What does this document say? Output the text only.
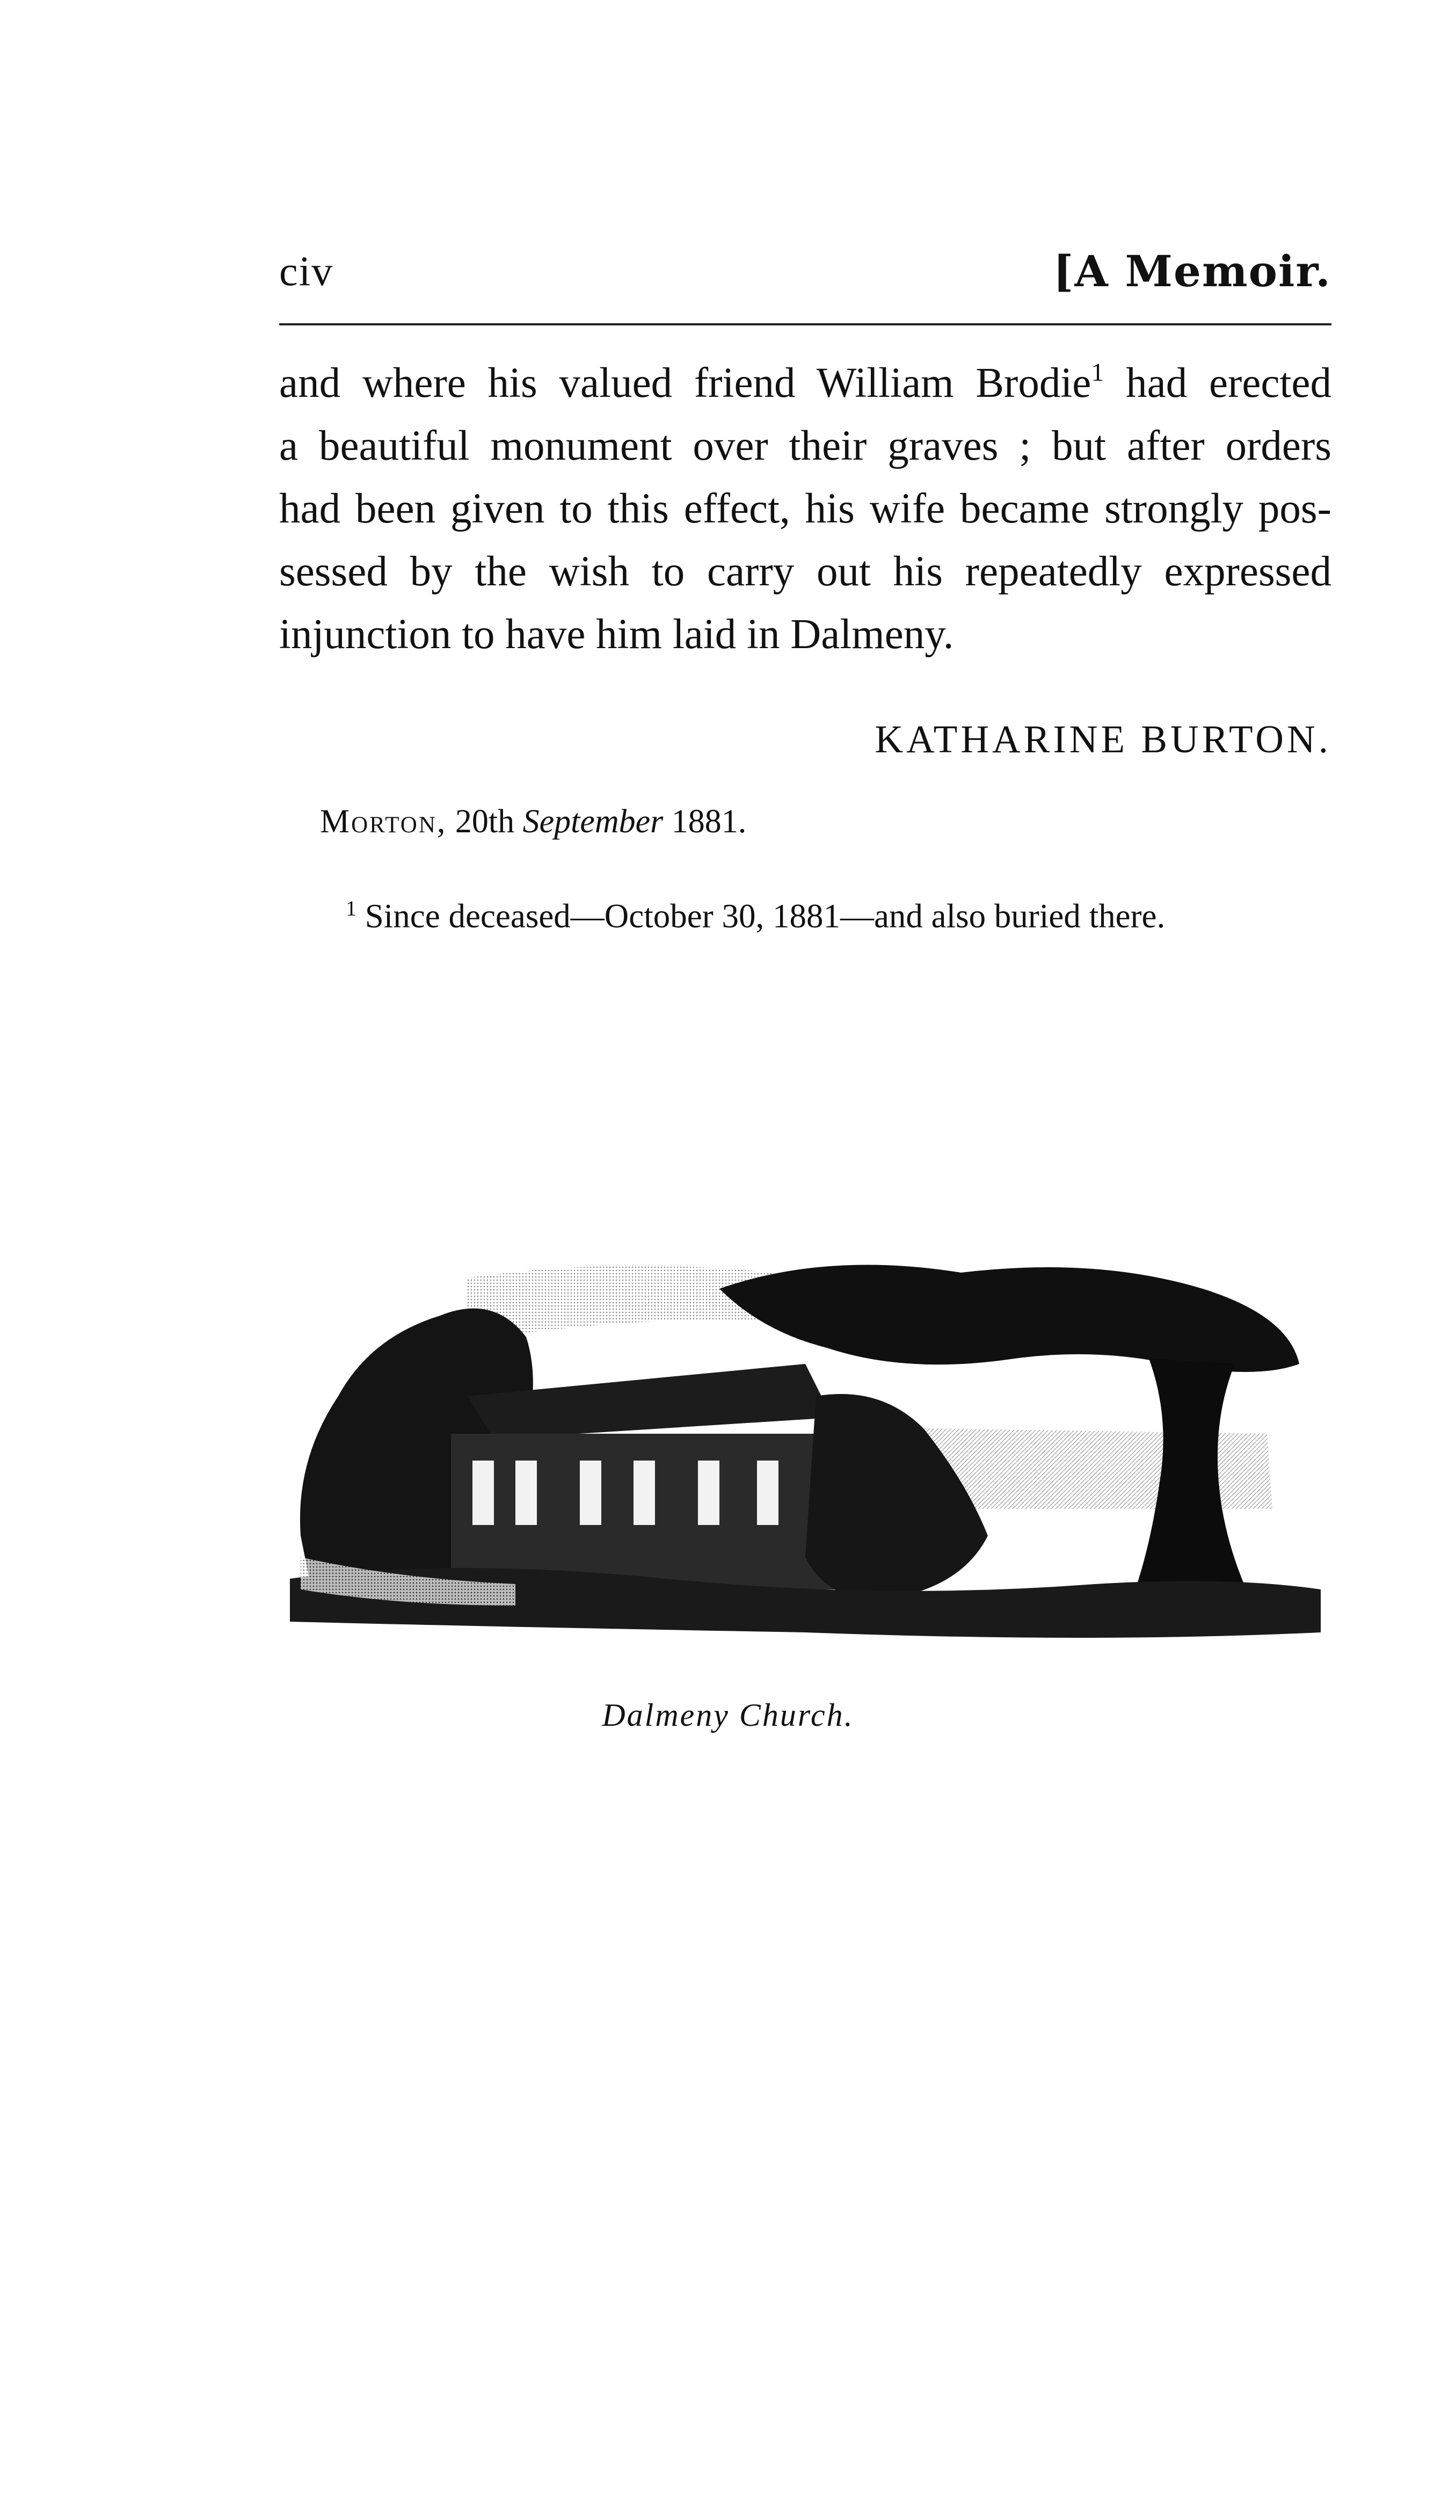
civ	[A Memoir.
and where his valued friend William Brodie$^1$ had erected
a beautiful monument over their graves ; but after orders
had been given to this effect, his wife became strongly pos-
sessed by the wish to carry out his repeatedly expressed
injunction to have him laid in Dalmeny.
KATHARINE BURTON.
Morton, 20th September 1881.
$^1$ Since deceased—October 30, 1881—and also buried there.
Dalmeny Church.
